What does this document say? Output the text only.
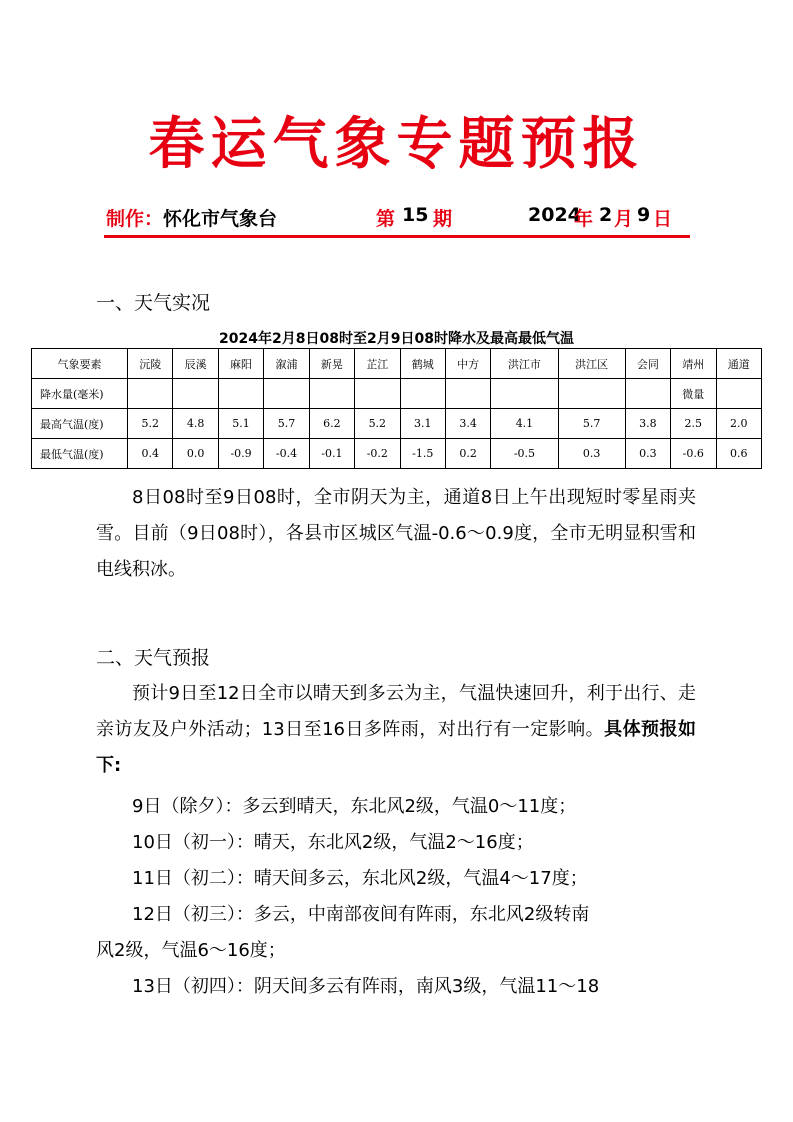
春运气象专题预报
制作： 怀化市气象台	第 15 期	2024
年 2 月 9 日
一、天气实况
2024年2月8日08时至2月9日08时降水及最高最低气温
气象要素	沅陵	辰溪	麻阳	溆浦	新晃	芷江	鹤城	中方	洪江市	洪江区	会同	靖州	通道
降水量(毫米)												微量	
最高气温(度)	5.2	4.8	5.1	5.7	6.2	5.2	3.1	3.4	4.1	5.7	3.8	2.5	2.0
最低气温(度)	0.4	0.0	-0.9	-0.4	-0.1	-0.2	-1.5	0.2	-0.5	0.3	0.3	-0.6	0.6
8日08时至9日08时，全市阴天为主，通道8日上午出现短时零星雨夹雪。目前（9日08时），各县市区城区气温-0.6～0.9度，全市无明显积雪和电线积冰。
二、天气预报
预计9日至12日全市以晴天到多云为主，气温快速回升，利于出行、走亲访友及户外活动；13日至16日多阵雨，对出行有一定影响。具体预报如下:
9日（除夕）：多云到晴天，东北风2级，气温0～11度；
10日（初一）：晴天，东北风2级，气温2～16度；
11日（初二）：晴天间多云，东北风2级，气温4～17度；
12日（初三）：多云，中南部夜间有阵雨，东北风2级转南
风2级，气温6～16度；
13日（初四）：阴天间多云有阵雨，南风3级，气温11～18
